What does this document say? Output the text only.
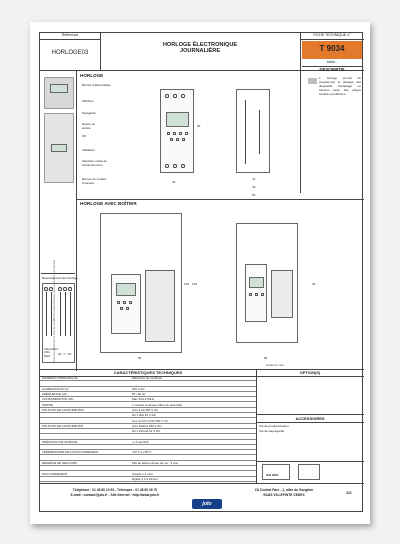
Référence
HORLOGE03
HORLOGE ÉLECTRONIQUE
JOURNALIÈRE
FICHE TECHNIQUE n°
T 9034
indice :
DESCRIPTIF
L' horloge permet de programmer le pilotage des dispositifs d'éclairage en fonction selon des plages horaires prédéfinies.
Raccordement de l'horloge
Alimentation 230v - 50Hz
NF C NO
Nous nous réservons le droit de modifier les caractéristiques de nos produits sans préavis
HORLOGE
Bornier d'alimentation
Afficheur
Navigation
Retour en arrière
OK
Validation
Sélection mode de fonctionnement
Bornier de contact inverseur
90
36
43
49
66
HORLOGE AVEC BOÎTIER
160 190
85	85
66
Cotes en mm
CARACTÉRISTIQUES TECHNIQUES	OPTION(S)
MATÉRIAU PRINCIPAL(S)	Matériaux de synthèse
ALIMENTATION (V)	230 V AC
FRÉQUENCE (Hz)	50 / 60 Hz
CONSOMMATION (VA)	Max 3VA à 50Hz
SORTIE	1 contact inverseur (libre de potentiel)
POUVOIR DE COUPURE MAX	AC1 4 kA 250 V AC
DC1 4kA 30 V DC
Cos φ=0,6 4 kVA 250 V AC
POUVOIR DE COUPURE MIN	AC1 100mA 250 V AC
DC1 100mA 12 V DC
PRÉCISION DE MARCHE	+/-1 sec/24h
TEMPÉRATURE DE FONCTIONNEMENT	-10°C à +55°C
RÉSERVE DE SECOURS	Pile au lithium durée de vie : 5 ans
RACCORDEMENT	Souple 1,4 mm²
Rigide 1,4 à 10mm²
ACCESSOIRES
Clé de programmation
Clé de sauvegarde
ISO 9001
Téléphone : 01 48 60 10 53 - Télécopie : 01 48 60 26 70
E-mail : contact@jolo.fr - Site internet : http://www.jolo.fr
jolo
ZA Central Parc - 1, allée du Songhim
93420 VILLEPINTE CEDEX	1/2
